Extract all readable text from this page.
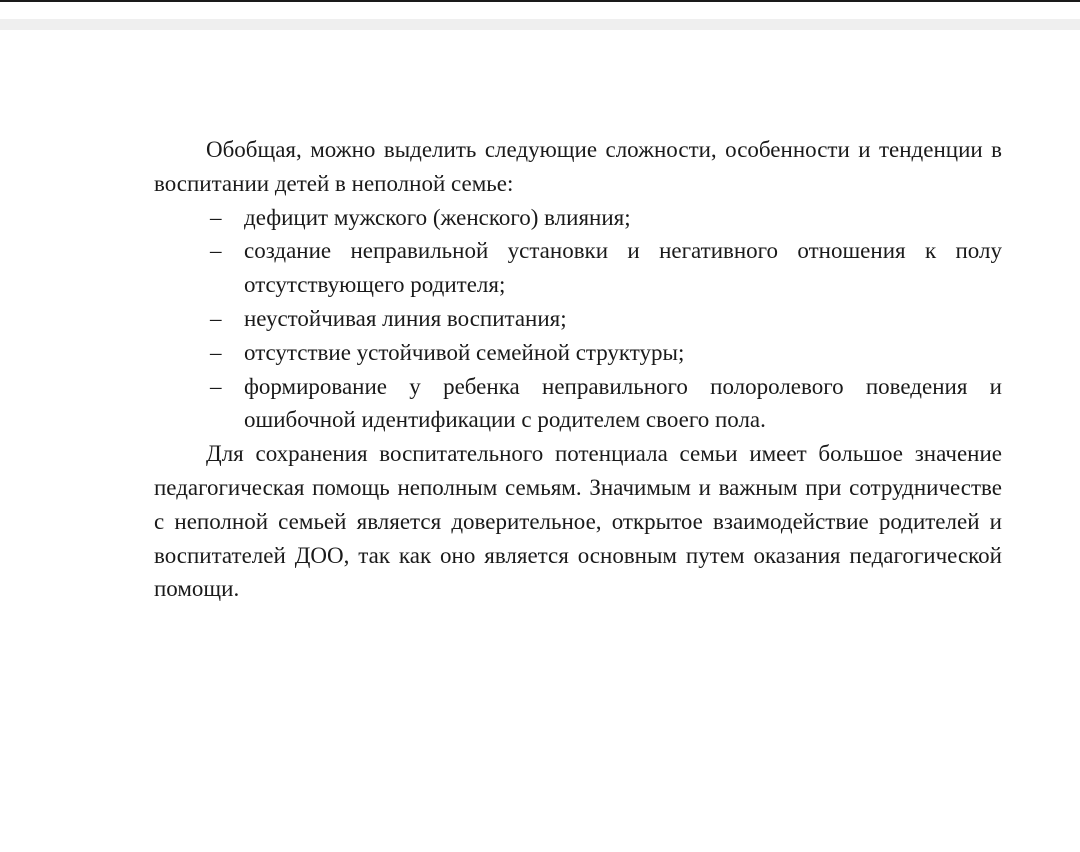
Обобщая, можно выделить следующие сложности, особенности и тенденции в воспитании детей в неполной семье:

– дефицит мужского (женского) влияния;
– создание неправильной установки и негативного отношения к полу отсутствующего родителя;
– неустойчивая линия воспитания;
– отсутствие устойчивой семейной структуры;
– формирование у ребенка неправильного полоролевого поведения и ошибочной идентификации с родителем своего пола.

Для сохранения воспитательного потенциала семьи имеет большое значение педагогическая помощь неполным семьям. Значимым и важным при сотрудничестве с неполной семьей является доверительное, открытое взаимодействие родителей и воспитателей ДОО, так как оно является основным путем оказания педагогической помощи.
